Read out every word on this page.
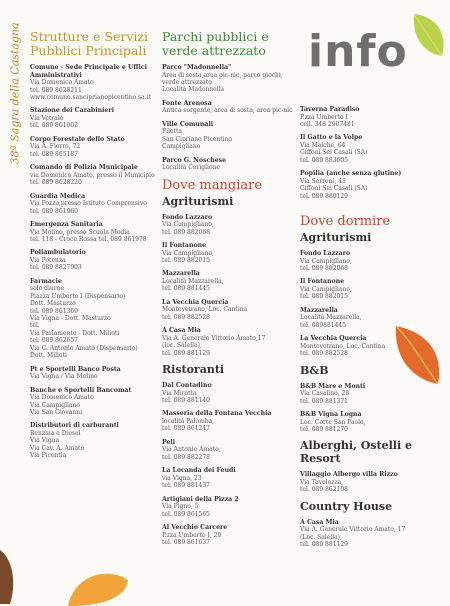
38ª Sagra della Castagna Strutture e Servizi Pubblici Principali
Comune - Sede Principale e Uffici Amministrativi
Via Domenico Amato
tel. 089 8628211
www.comune.sanciprianopicentino.sa.it
Stazione dei Carabinieri
Via Vetrale
tel. 089 861002
Corpo Forestale dello Stato
Via A. Fierro, 72
tel. 089 865187
Comando di Polizia Municipale
via Domenico Amato, presso il Municipio
tel. 089 8628220
Guardia Medica
Via Pozzo,presso Istituto Comprensivo
tel. 089 861960
Emergenza Sanitaria
Via Molino, presso Scuola Media
tel. 118 - Croce Rossa tel. 089 861978
Poliambulatorio
Via Potenza
tel. 089 8827903
Farmacie
solo diurne
Piazza Umberto I (Dispensario)
Dott. Masturzo
tel. 089 861369
Via Vigna - Dott. Masturzo
tel.
Via Parlamento - Dott. Milioti
tel. 089 862657
Via C. Antonio Amato (Dispensario)
Dott. Milioti
Pt e Sportelli Banco Posta
Via Vigna / Via Molino
Banche e Sportelli Bancomat
Via Domenico Amato
Via Campigliano
Via San Giovanni
Distributori di carburanti
Benzina e Diesel
Via Vigna
Via Cav. A. Amato
Via Picentia
Parchi pubblici e verde attrezzato
Parco "Madonnella"
Area di sosta,area pic-nic, parco giochi,
verde attrezzato
Località Madonnella
Fonte Arenosa
Antica sorgente, area di sosta, area pic-nic
Ville Comunali
Filetta
San Cipriano Picentino
Campigliano
Parco G. Noschese
Località Coriglione
Dove mangiare
Agriturismi
Fondo Lazzaro
Via Campigliano,
tel. 089 882068
Il Fontanone
Via Campigliano,
tel. 089 882015
Mazzarella
Località Mazzarella,
tel. 089 881445
La Vecchia Quercia
Montevetrano, Loc. Cantina
tel. 089 882528
A Casa Mia
Via A. Generale Vittorio Amato,17
(loc. Salella),
tel. 089 881129
Ristoranti
Dal Contadino
Via Mirotta
tel. 089 881140
Masseria della Fontana Vecchia
località Palomba,
tel. 089 861247
Peli
Via Antonio Amato,
tel. 089 882278
La Locanda dei Feudi
via Vigna, 23
tel. 089 881437
Artigiani della Pizza 2
Via Pigno, 5
tel. 089 861565
Al Vecchio Carcere
P.zza Umberto I, 20
tel. 089 861637
info
Taverna Paradiso
P.zza Umberto I
cell. 348 2907481
Il Gatto e la Volpe
Via Malche, 64
Giffoni Sei Casali (SA)
tel. 089 883605
Popilia (anche senza glutine)
Via Serroni, 45
Giffoni Sei Casali (SA)
tel. 089 880129
Dove dormire
Agriturismi
Fondo Lazzaro
Via Campigliano,
tel. 089 882068
Il Fontanone
Via Campigliano,
tel. 089 882015
Mazzarella
Località Mazzarella,
tel. 089881445
La Vecchia Quercia
Montevetrano, Loc. Cantina
tel. 089 882528
B&B
B&B Mare e Monti
Via Casalino, 28
tel. 089 881371
B&B Vigna Logna
Loc. Corte San Paolo,
tel. 089 881270
Alberghi, Ostelli e Resort
Villaggio Albergo villa Rizzo
Via Tavolozza,
tel. 089 862108
Country House
A Casa Mia
Via A. Generale Vittorio Amato, 17
(Loc. Salella),
tel. 089 881129
